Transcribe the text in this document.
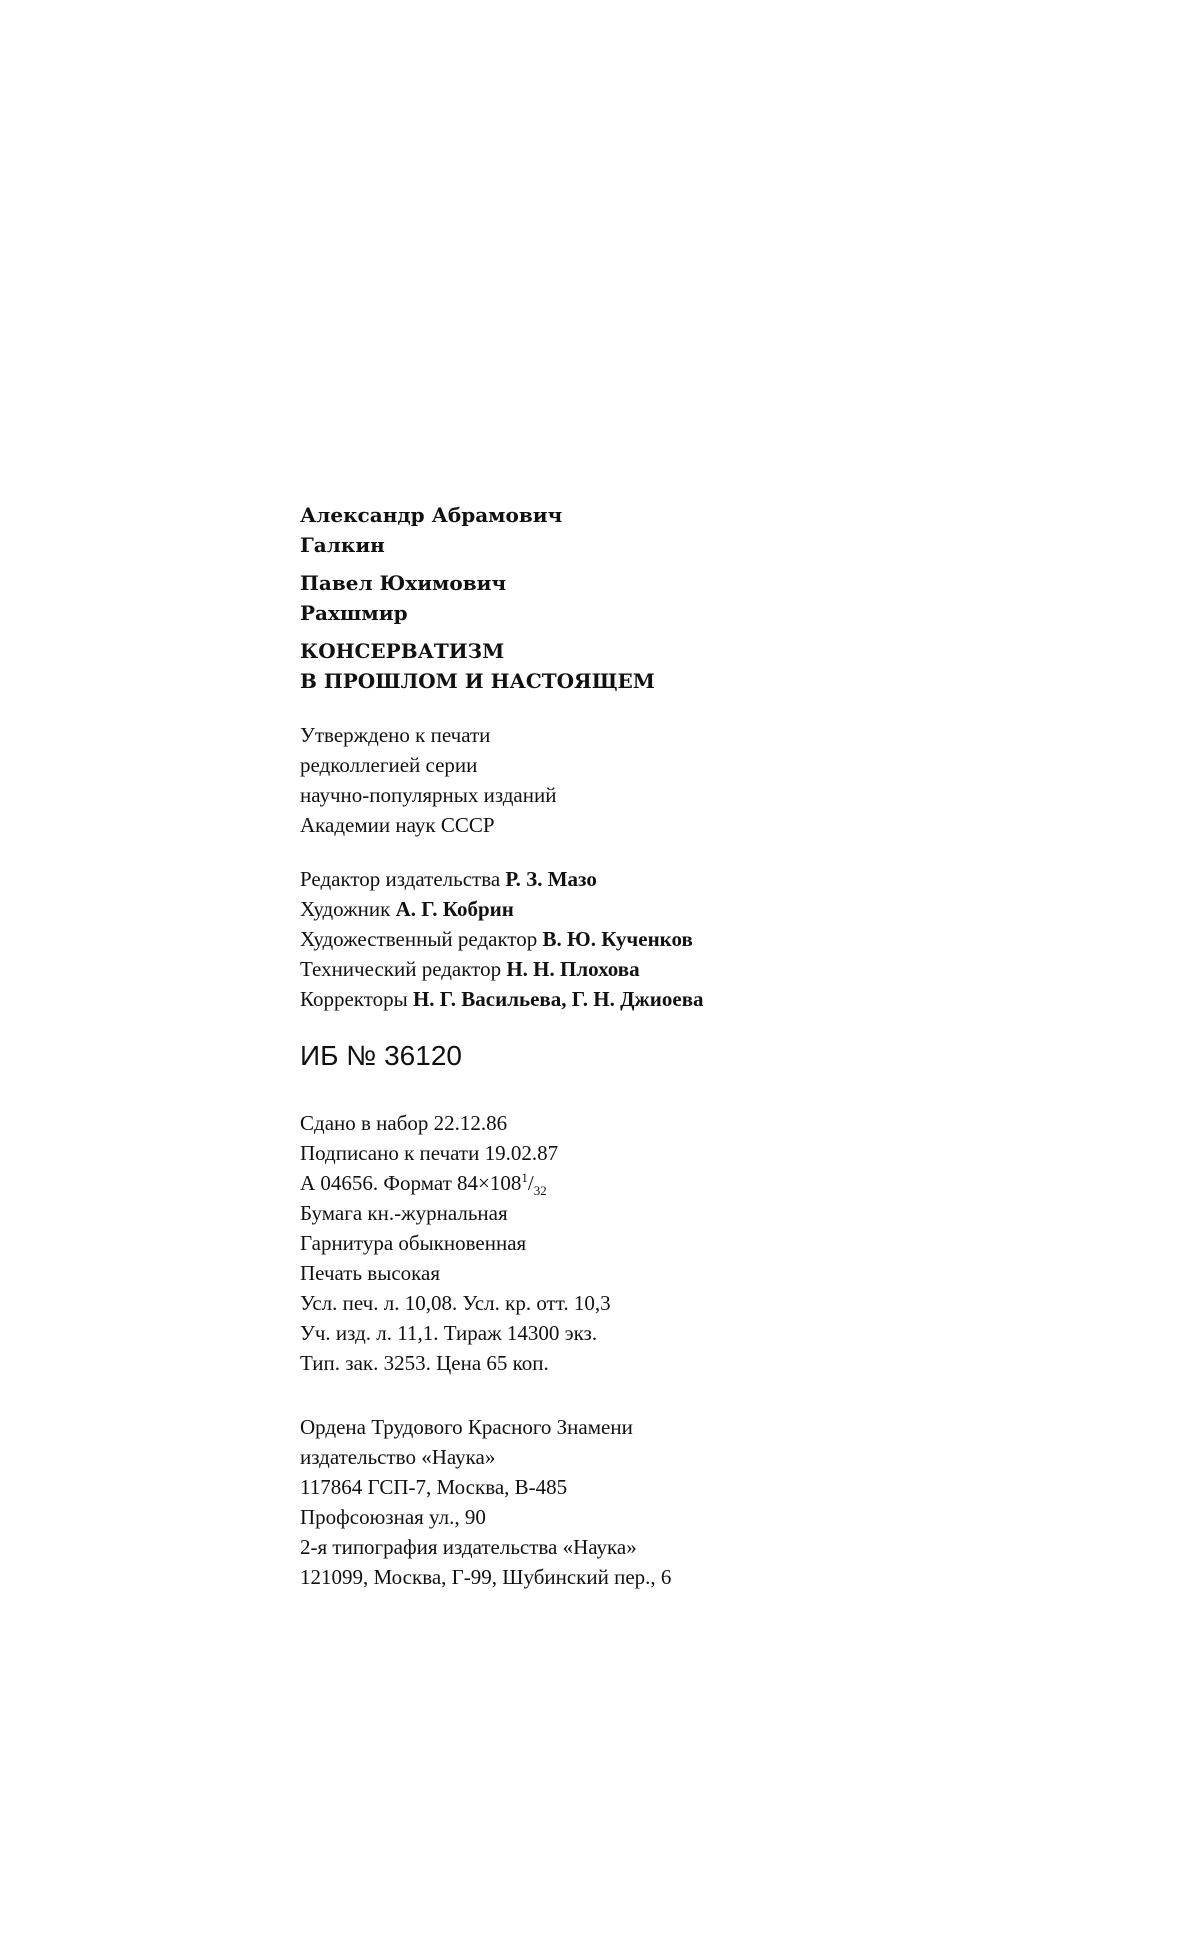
Александр Абрамович
Галкин
Павел Юхимович
Рахшмир
КОНСЕРВАТИЗМ
В ПРОШЛОМ И НАСТОЯЩЕМ
Утверждено к печати
редколлегией серии
научно-популярных изданий
Академии наук СССР
Редактор издательства Р. З. Мазо
Художник А. Г. Кобрин
Художественный редактор В. Ю. Кученков
Технический редактор Н. Н. Плохова
Корректоры Н. Г. Васильева, Г. Н. Джиоева
ИБ № 36120
Сдано в набор 22.12.86
Подписано к печати 19.02.87
А 04656. Формат $84\times 108^1/_{32}$
Бумага кн.-журнальная
Гарнитура обыкновенная
Печать высокая
Усл. печ. л. 10,08. Усл. кр. отт. 10,3
Уч. изд. л. 11,1. Тираж 14300 экз.
Тип. зак. 3253. Цена 65 коп.
Ордена Трудового Красного Знамени
издательство «Наука»
117864 ГСП-7, Москва, В-485
Профсоюзная ул., 90
2-я типография издательства «Наука»
121099, Москва, Г-99, Шубинский пер., 6
